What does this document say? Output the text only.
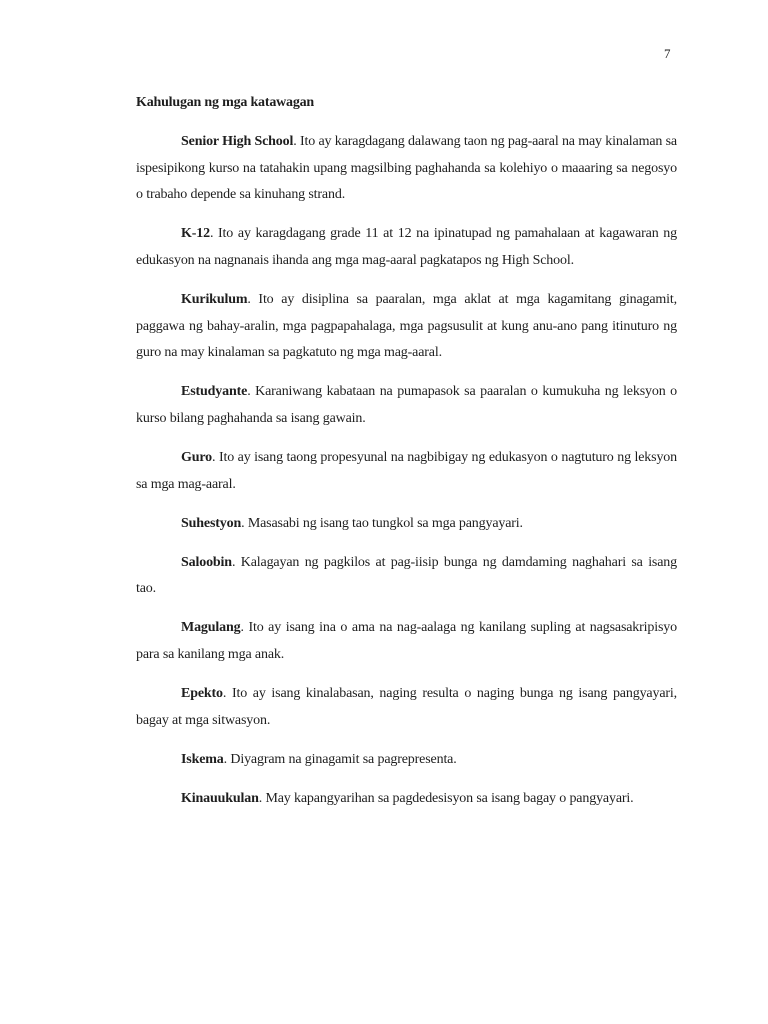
7
Kahulugan ng mga katawagan

Senior High School. Ito ay karagdagang dalawang taon ng pag-aaral na may kinalaman sa ispesipikong kurso na tatahakin upang magsilbing paghahanda sa kolehiyo o maaaring sa negosyo o trabaho depende sa kinuhang strand.

K-12. Ito ay karagdagang grade 11 at 12 na ipinatupad ng pamahalaan at kagawaran ng edukasyon na nagnanais ihanda ang mga mag-aaral pagkatapos ng High School.

Kurikulum. Ito ay disiplina sa paaralan, mga aklat at mga kagamitang ginagamit, paggawa ng bahay-aralin, mga pagpapahalaga, mga pagsusulit at kung anu-ano pang itinuturo ng guro na may kinalaman sa pagkatuto ng mga mag-aaral.

Estudyante. Karaniwang kabataan na pumapasok sa paaralan o kumukuha ng leksyon o kurso bilang paghahanda sa isang gawain.

Guro. Ito ay isang taong propesyunal na nagbibigay ng edukasyon o nagtuturo ng leksyon sa mga mag-aaral.

Suhestyon. Masasabi ng isang tao tungkol sa mga pangyayari.

Saloobin. Kalagayan ng pagkilos at pag-iisip bunga ng damdaming naghahari sa isang tao.

Magulang. Ito ay isang ina o ama na nag-aalaga ng kanilang supling at nagsasakripisyo para sa kanilang mga anak.

Epekto. Ito ay isang kinalabasan, naging resulta o naging bunga ng isang pangyayari, bagay at mga sitwasyon.

Iskema. Diyagram na ginagamit sa pagrepresenta.

Kinauukulan. May kapangyarihan sa pagdedesisyon sa isang bagay o pangyayari.
